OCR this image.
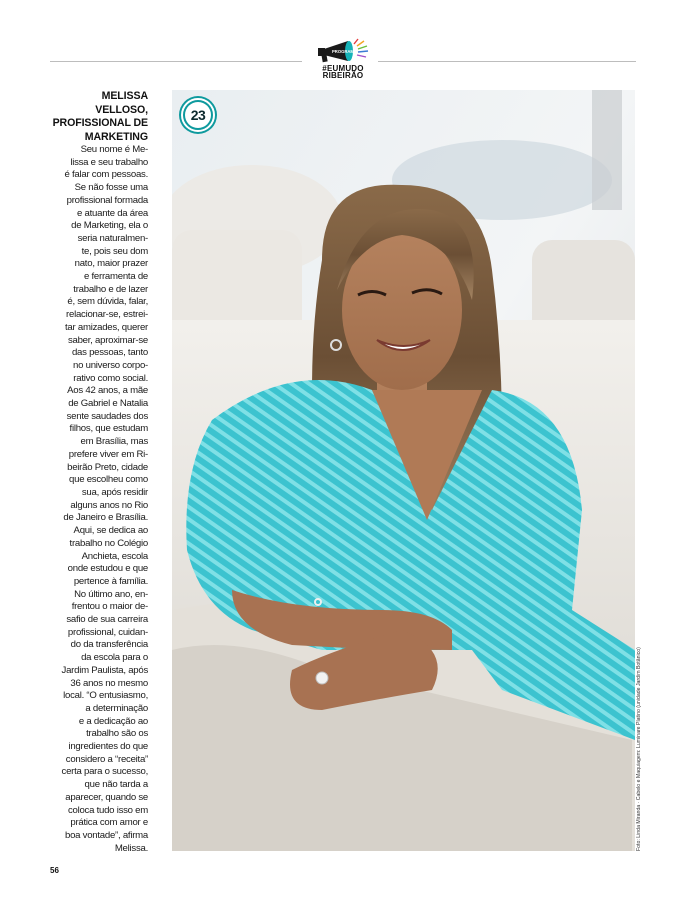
PROGRAMA
#EUMUDO
RIBEIRÃO
MELISSA VELLOSO,
PROFISSIONAL DE
MARKETING

Seu nome é Me-
lissa e seu trabalho
é falar com pessoas.
Se não fosse uma
profissional formada
e atuante da área
de Marketing, ela o
seria naturalmen-
te, pois seu dom
nato, maior prazer
e ferramenta de
trabalho e de lazer
é, sem dúvida, falar,
relacionar-se, estrei-
tar amizades, querer
saber, aproximar-se
das pessoas, tanto
no universo corpo-
rativo como social.
Aos 42 anos, a mãe
de Gabriel e Natalia
sente saudades dos
filhos, que estudam
em Brasília, mas
prefere viver em Ri-
beirão Preto, cidade
que escolheu como
sua, após residir
alguns anos no Rio
de Janeiro e Brasília.
Aqui, se dedica ao
trabalho no Colégio
Anchieta, escola
onde estudou e que
pertence à família.
No último ano, en-
frentou o maior de-
safio de sua carreira
profissional, cuidan-
do da transferência
da escola para o
Jardim Paulista, após
36 anos no mesmo
local. “O entusiasmo,
a determinação
e a dedicação ao
trabalho são os
ingredientes do que
considero a “receita”
certa para o sucesso,
que não tarda a
aparecer, quando se
coloca tudo isso em
prática com amor e
boa vontade”, afirma
Melissa.

23
Foto: Linda Miranda · Cabelo e Maquiagem: Luminare Platino (unidade Jardim Botânico)
56
